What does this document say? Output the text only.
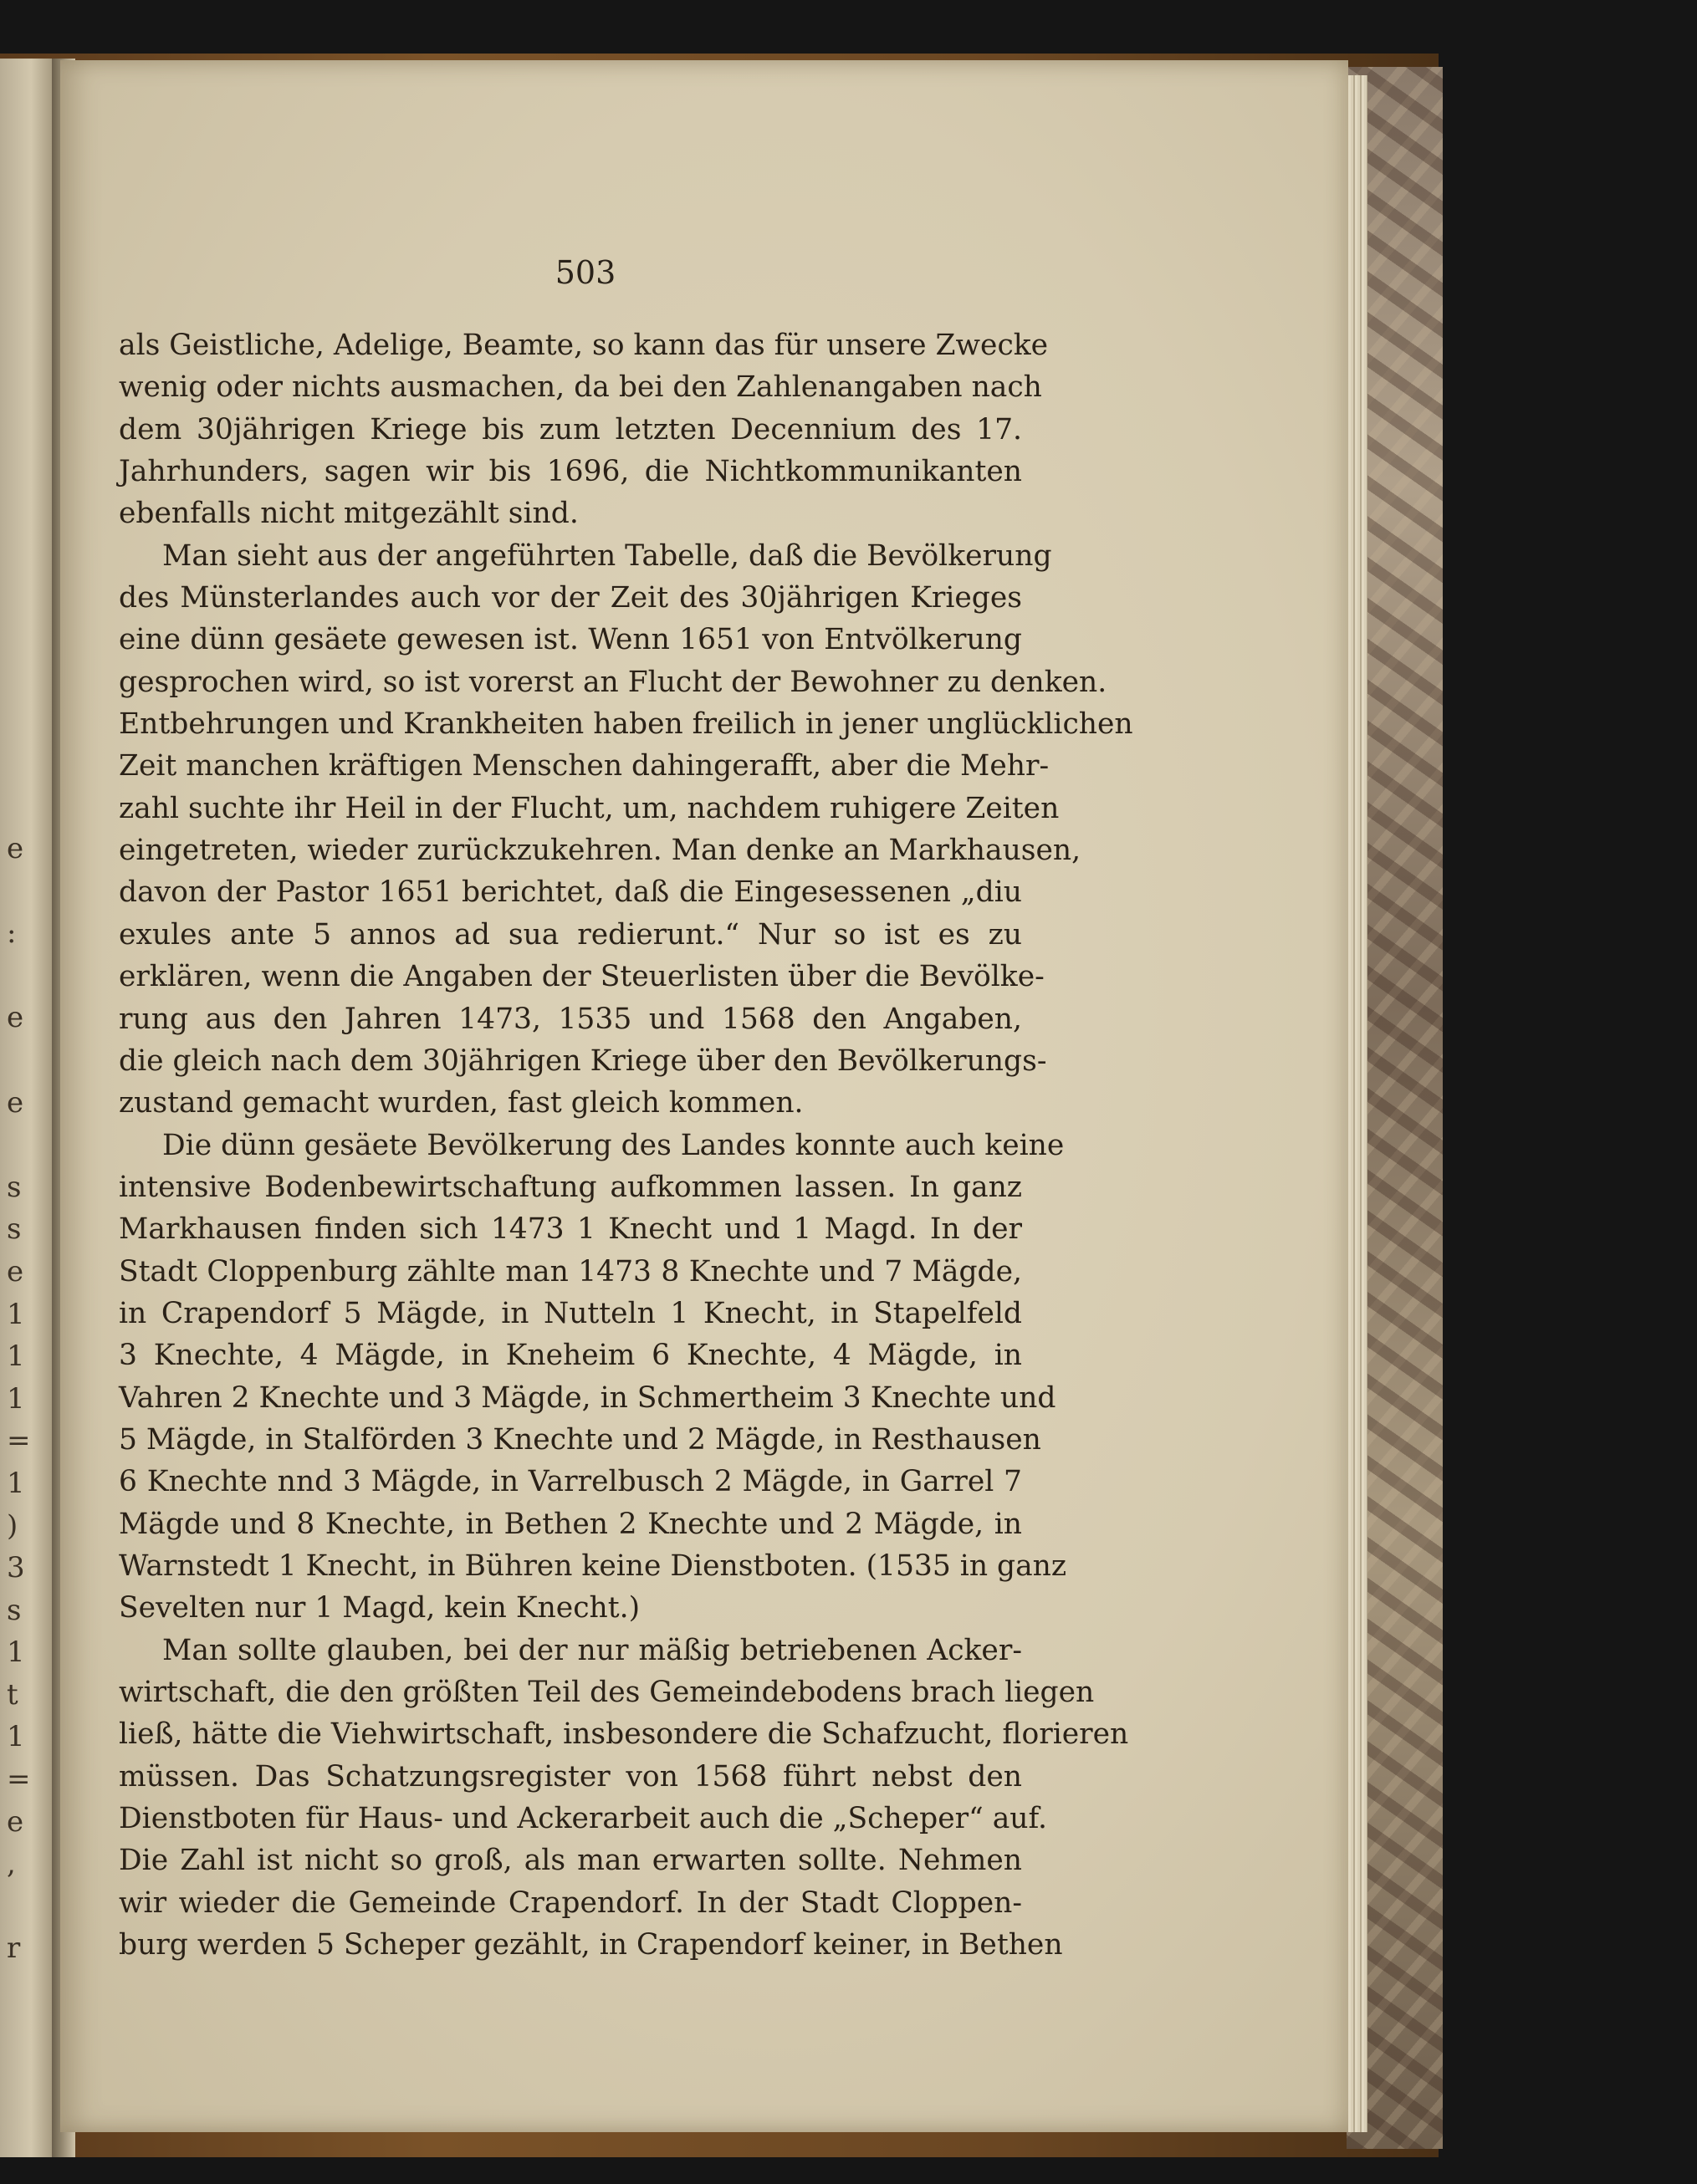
e
:
e
e
s
s
e
1
1
1
=
1
)
3
s
1
t
1
=
e
,
r
503
als Geistliche, Adelige, Beamte, so kann das für unsere Zwecke
wenig oder nichts ausmachen, da bei den Zahlenangaben nach
dem 30jährigen Kriege bis zum letzten Decennium des 17.
Jahrhunders, sagen wir bis 1696, die Nichtkommunikanten
ebenfalls nicht mitgezählt sind.
Man sieht aus der angeführten Tabelle, daß die Bevölkerung
des Münsterlandes auch vor der Zeit des 30jährigen Krieges
eine dünn gesäete gewesen ist. Wenn 1651 von Entvölkerung
gesprochen wird, so ist vorerst an Flucht der Bewohner zu denken.
Entbehrungen und Krankheiten haben freilich in jener unglücklichen
Zeit manchen kräftigen Menschen dahingerafft, aber die Mehr-
zahl suchte ihr Heil in der Flucht, um, nachdem ruhigere Zeiten
eingetreten, wieder zurückzukehren. Man denke an Markhausen,
davon der Pastor 1651 berichtet, daß die Eingesessenen „diu
exules ante 5 annos ad sua redierunt.“ Nur so ist es zu
erklären, wenn die Angaben der Steuerlisten über die Bevölke-
rung aus den Jahren 1473, 1535 und 1568 den Angaben,
die gleich nach dem 30jährigen Kriege über den Bevölkerungs-
zustand gemacht wurden, fast gleich kommen.
Die dünn gesäete Bevölkerung des Landes konnte auch keine
intensive Bodenbewirtschaftung aufkommen lassen. In ganz
Markhausen finden sich 1473 1 Knecht und 1 Magd. In der
Stadt Cloppenburg zählte man 1473 8 Knechte und 7 Mägde,
in Crapendorf 5 Mägde, in Nutteln 1 Knecht, in Stapelfeld
3 Knechte, 4 Mägde, in Kneheim 6 Knechte, 4 Mägde, in
Vahren 2 Knechte und 3 Mägde, in Schmertheim 3 Knechte und
5 Mägde, in Stalförden 3 Knechte und 2 Mägde, in Resthausen
6 Knechte nnd 3 Mägde, in Varrelbusch 2 Mägde, in Garrel 7
Mägde und 8 Knechte, in Bethen 2 Knechte und 2 Mägde, in
Warnstedt 1 Knecht, in Bühren keine Dienstboten. (1535 in ganz
Sevelten nur 1 Magd, kein Knecht.)
Man sollte glauben, bei der nur mäßig betriebenen Acker-
wirtschaft, die den größten Teil des Gemeindebodens brach liegen
ließ, hätte die Viehwirtschaft, insbesondere die Schafzucht, florieren
müssen. Das Schatzungsregister von 1568 führt nebst den
Dienstboten für Haus- und Ackerarbeit auch die „Scheper“ auf.
Die Zahl ist nicht so groß, als man erwarten sollte. Nehmen
wir wieder die Gemeinde Crapendorf. In der Stadt Cloppen-
burg werden 5 Scheper gezählt, in Crapendorf keiner, in Bethen
